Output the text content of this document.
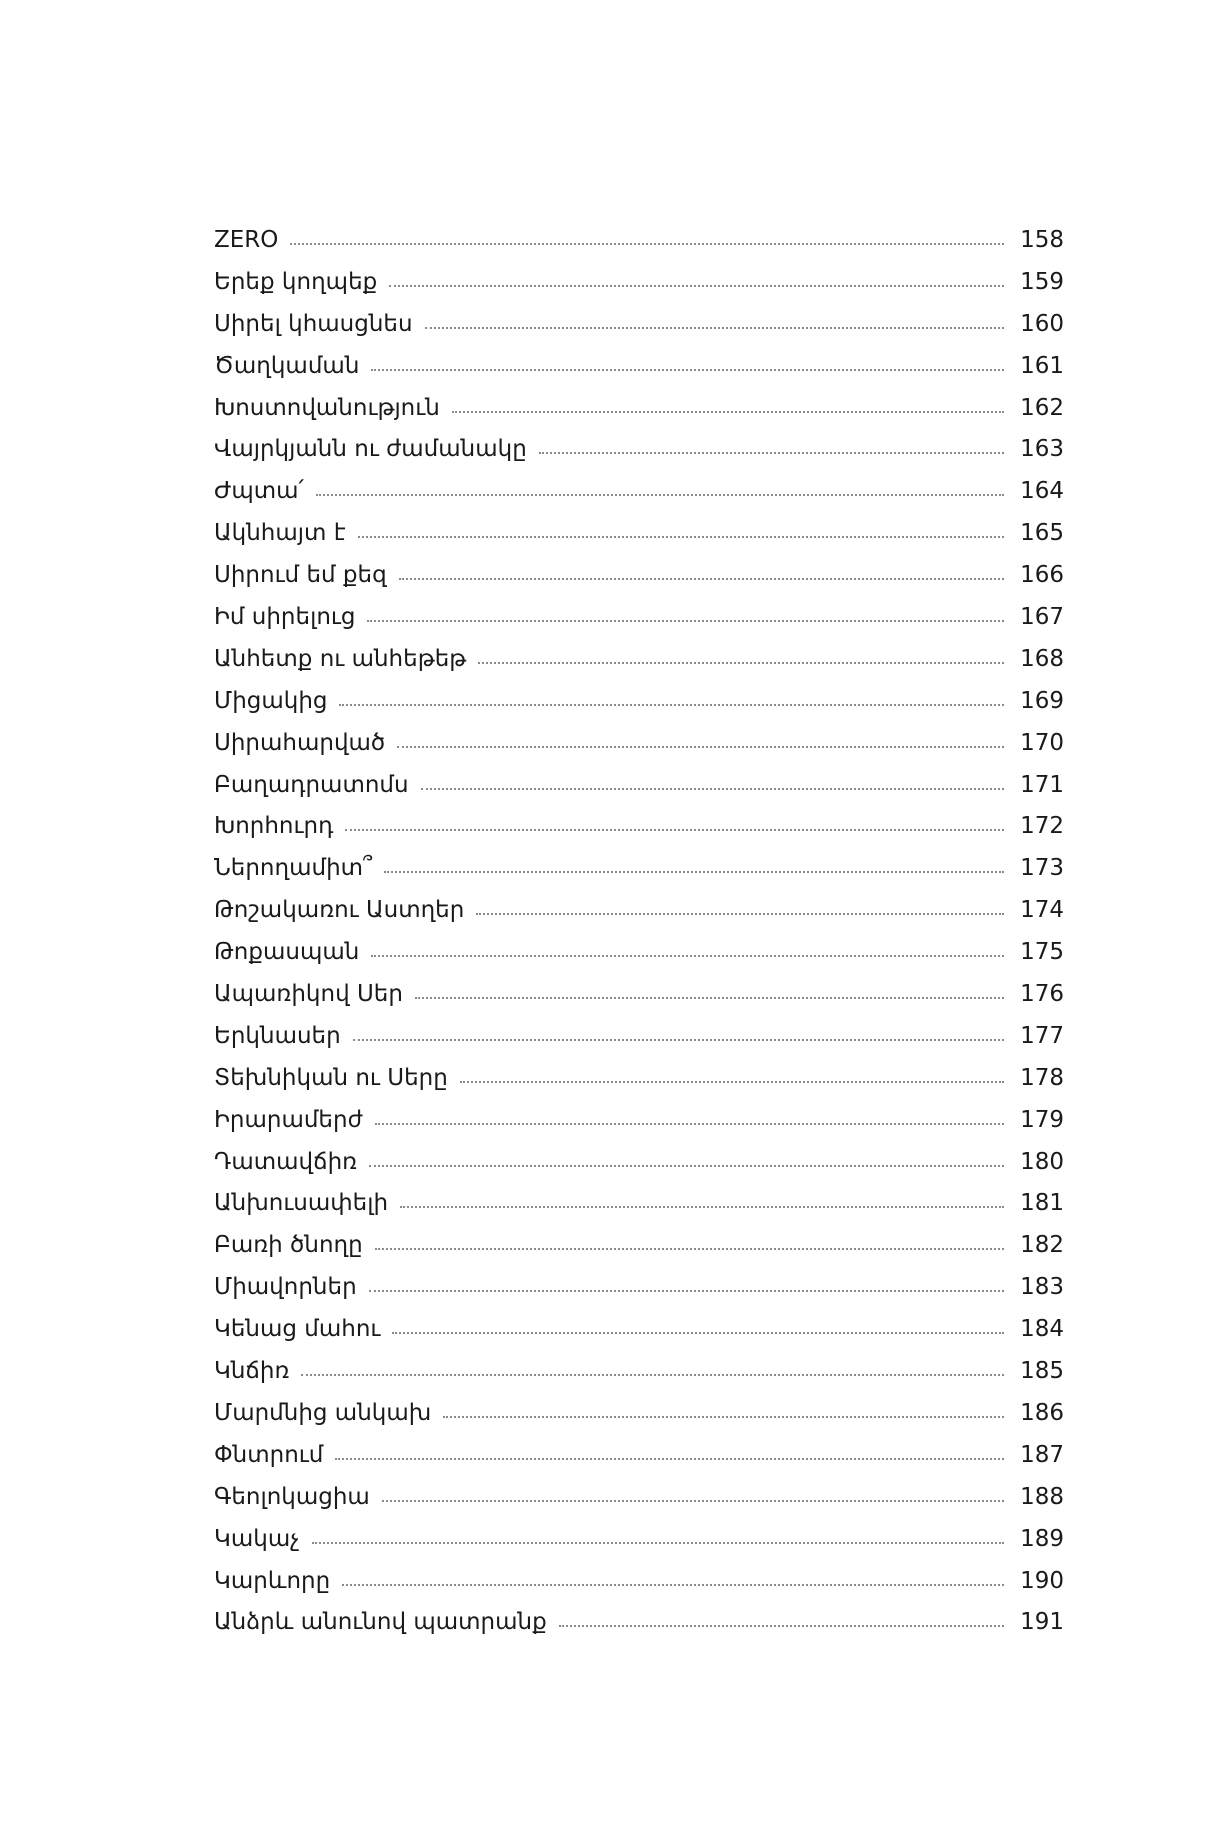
ZERO	158
Երեք կողպեք	159
Սիրել կհասցնես	160
Ծաղկաման	161
Խոստովանություն	162
Վայրկյանն ու ժամանակը	163
Ժպտա՛	164
Ակնհայտ է	165
Սիրում եմ քեզ	166
Իմ սիրելուց	167
Անհետք ու անհեթեթ	168
Միցակից	169
Սիրահարված	170
Բաղադրատոմս	171
Խորհուրդ	172
Ներողամիտ՞	173
Թոշակառու Աստղեր	174
Թոքասպան	175
Ապառիկով Սեր	176
Երկնասեր	177
Տեխնիկան ու Սերը	178
Իրարամերժ	179
Դատավճիռ	180
Անխուսափելի	181
Բառի ծնողը	182
Միավորներ	183
Կենաց մահու	184
Կնճիռ	185
Մարմնից անկախ	186
Փնտրում	187
Գեոլոկացիա	188
Կակաչ	189
Կարևորը	190
Անձրև անունով պատրանք	191
